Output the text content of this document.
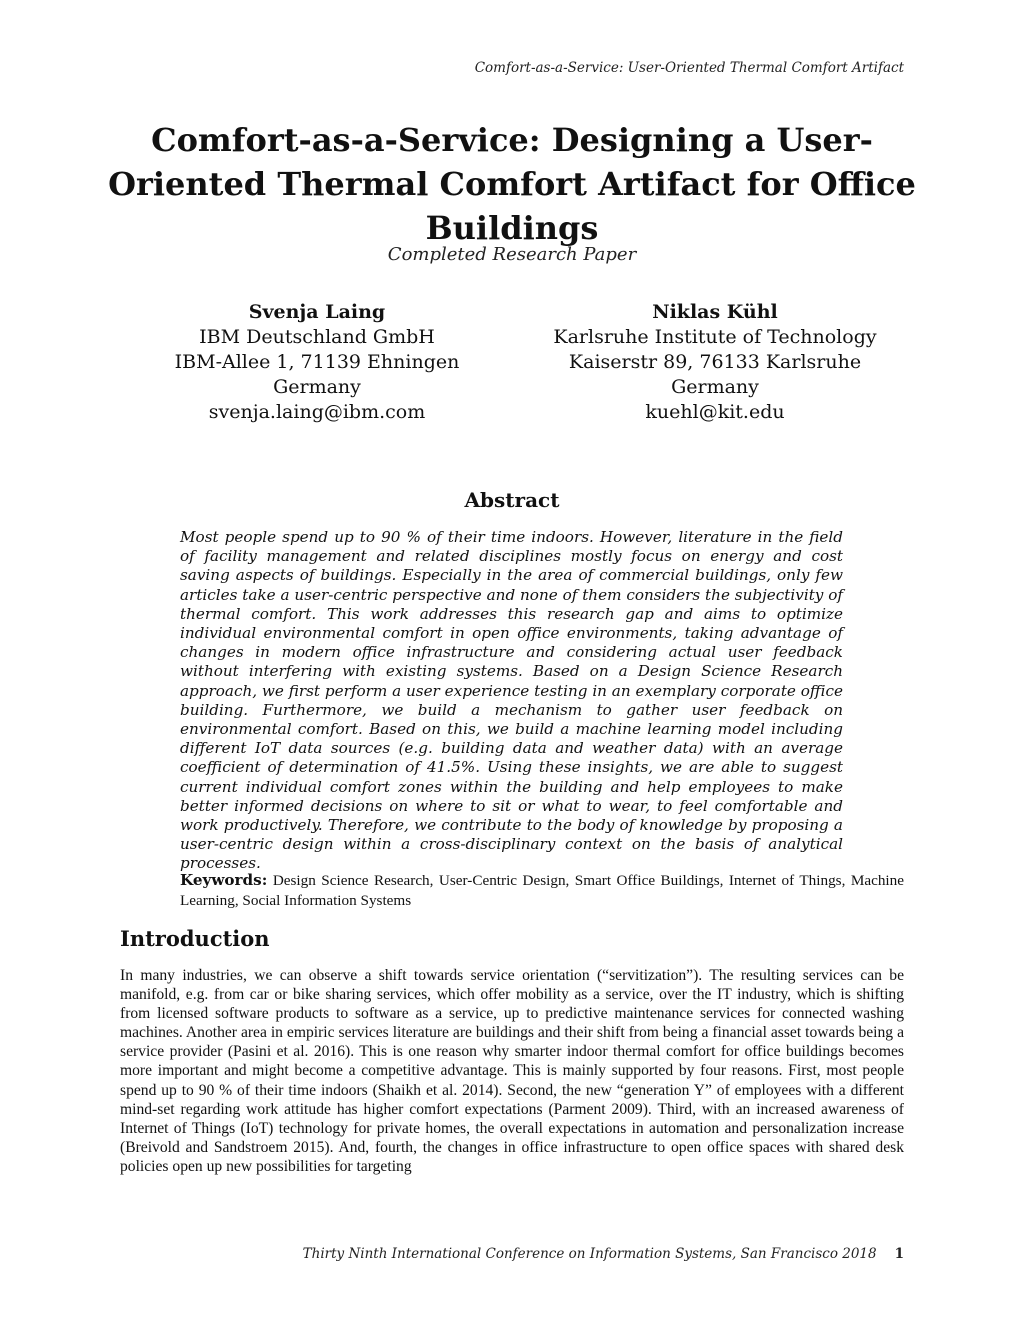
Comfort-as-a-Service: User-Oriented Thermal Comfort Artifact
Comfort-as-a-Service: Designing a User-Oriented Thermal Comfort Artifact for Office Buildings
Completed Research Paper
Svenja Laing
IBM Deutschland GmbH
IBM-Allee 1, 71139 Ehningen
Germany
svenja.laing@ibm.com
Niklas Kühl
Karlsruhe Institute of Technology
Kaiserstr 89, 76133 Karlsruhe
Germany
kuehl@kit.edu
Abstract

Most people spend up to 90 % of their time indoors. However, literature in the field of facility management and related disciplines mostly focus on energy and cost saving aspects of buildings. Especially in the area of commercial buildings, only few articles take a user-centric perspective and none of them considers the subjectivity of thermal comfort. This work addresses this research gap and aims to optimize individual environmental comfort in open office environments, taking advantage of changes in modern office infrastructure and considering actual user feedback without interfering with existing systems. Based on a Design Science Research approach, we first perform a user experience testing in an exemplary corporate office building. Furthermore, we build a mechanism to gather user feedback on environmental comfort. Based on this, we build a machine learning model including different IoT data sources (e.g. building data and weather data) with an average coefficient of determination of 41.5%. Using these insights, we are able to suggest current individual comfort zones within the building and help employees to make better informed decisions on where to sit or what to wear, to feel comfortable and work productively. Therefore, we contribute to the body of knowledge by proposing a user-centric design within a cross-disciplinary context on the basis of analytical processes.

Keywords: Design Science Research, User-Centric Design, Smart Office Buildings, Internet of Things, Machine Learning, Social Information Systems

Introduction

In many industries, we can observe a shift towards service orientation (“servitization”). The resulting services can be manifold, e.g. from car or bike sharing services, which offer mobility as a service, over the IT industry, which is shifting from licensed software products to software as a service, up to predictive maintenance services for connected washing machines. Another area in empiric services literature are buildings and their shift from being a financial asset towards being a service provider (Pasini et al. 2016). This is one reason why smarter indoor thermal comfort for office buildings becomes more important and might become a competitive advantage. This is mainly supported by four reasons. First, most people spend up to 90 % of their time indoors (Shaikh et al. 2014). Second, the new “generation Y” of employees with a different mind-set regarding work attitude has higher comfort expectations (Parment 2009). Third, with an increased awareness of Internet of Things (IoT) technology for private homes, the overall expectations in automation and personalization increase (Breivold and Sandstroem 2015). And, fourth, the changes in office infrastructure to open office spaces with shared desk policies open up new possibilities for targeting

Thirty Ninth International Conference on Information Systems, San Francisco 2018 1
